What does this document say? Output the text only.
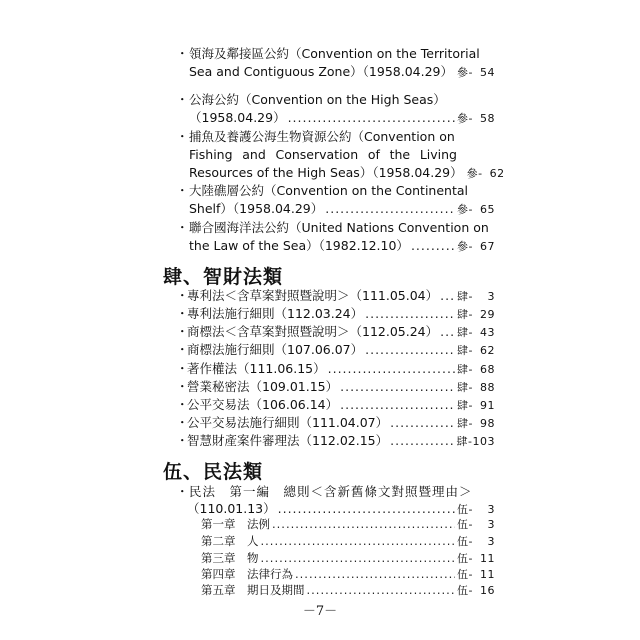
・ 領海及鄰接區公約（Convention on the Territorial
Sea and Contiguous Zone）（1958.04.29） ..... 參- 54
・ 公海公約（Convention on the High Seas）
（1958.04.29） .....	參- 58
・ 捕魚及養護公海生物資源公約（Convention on
Fishing and Conservation of the Living
Resources of the High Seas）（1958.04.29） 參- 62
・ 大陸礁層公約（Convention on the Continental
Shelf）（1958.04.29） .....	參- 65
・ 聯合國海洋法公約（United Nations Convention on
the Law of the Sea）（1982.12.10） .....	參- 67
肆、智財法類
・
專利法＜含草案對照暨說明＞（111.05.04） ..... 肆- 3
・
專利法施行細則（112.03.24） .....	肆- 29
・
商標法＜含草案對照暨說明＞（112.05.24） ..... 肆- 43
・
商標法施行細則（107.06.07） .....	肆- 62
・
著作權法（111.06.15） .....	肆- 68
・
營業秘密法（109.01.15） .....	肆- 88
・
公平交易法（106.06.14） .....	肆- 91
・
公平交易法施行細則（111.04.07） .....	肆- 98
・
智慧財產案件審理法（112.02.15） .....	肆-103
伍、民法類
・ 民法　第一編　總則＜含新舊條文對照暨理由＞
（110.01.13） .....	伍- 3
第一章　法例 .....	伍- 3
第二章　人 .....	伍- 3
第三章　物 .....	伍- 11
第四章　法律行為 .....	伍- 11
第五章　期日及期間 .....	伍- 16
－7－
